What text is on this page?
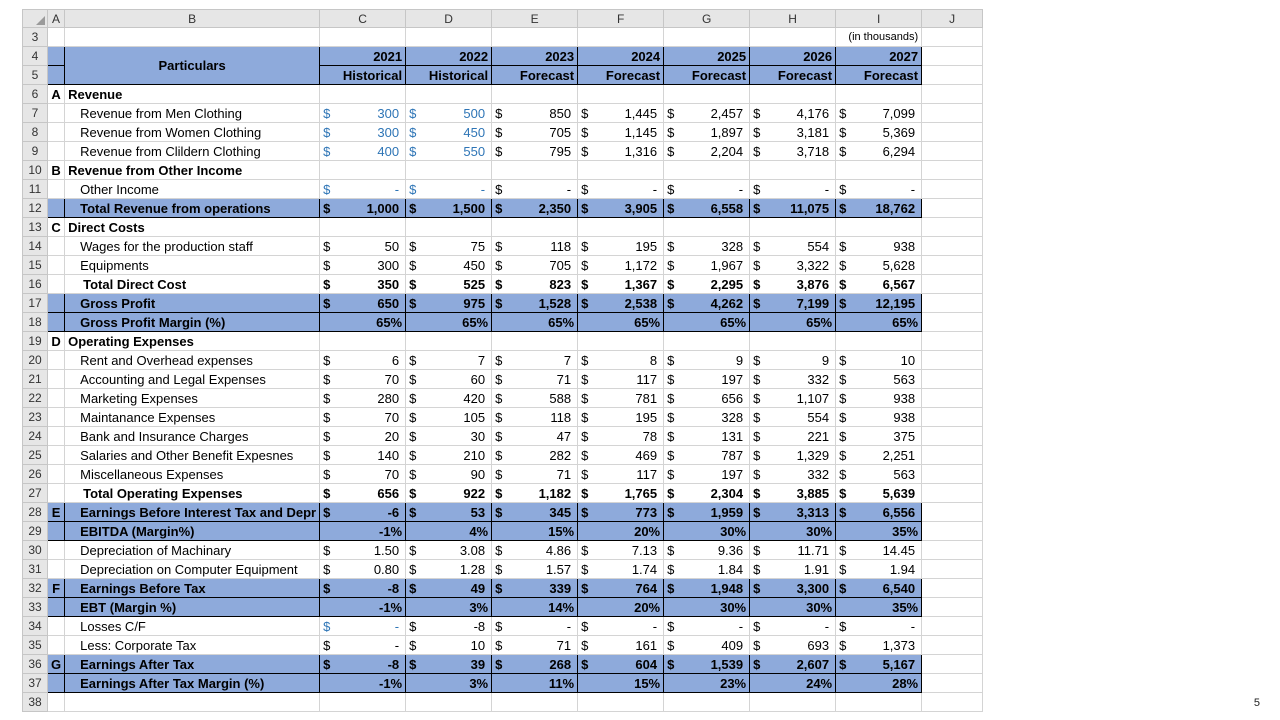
	A	B	C	D	E	F	G	H	I	J
3									(in thousands)	
4		Particulars	2021	2022	2023	2024	2025	2026	2027	
5			Historical	Historical	Forecast	Forecast	Forecast	Forecast	Forecast	
6	A	Revenue								
7		Revenue from Men Clothing	$ 300	$ 500	$ 850	$ 1,445	$ 2,457	$ 4,176	$ 7,099	

8		Revenue from Women Clothing	$ 300	$ 450	$ 705	$ 1,145	$ 1,897	$ 3,181	$ 5,369	

9		Revenue from Clildern Clothing	$ 400	$ 550	$ 795	$ 1,316	$ 2,204	$ 3,718	$ 6,294	

10	B	Revenue from Other Income								
11		Other Income	$ -	$ -	$ -	$ -	$ -	$ -	$ -	

12		Total Revenue from operations	$ 1,000	$ 1,500	$ 2,350	$ 3,905	$ 6,558	$ 11,075	$ 18,762	

13	C	Direct Costs								
14		Wages for the production staff	$ 50	$ 75	$ 118	$ 195	$ 328	$ 554	$ 938	

15		Equipments	$ 300	$ 450	$ 705	$ 1,172	$ 1,967	$ 3,322	$ 5,628	

16		Total Direct Cost	$ 350	$ 525	$ 823	$ 1,367	$ 2,295	$ 3,876	$ 6,567	

17		Gross Profit	$ 650	$ 975	$ 1,528	$ 2,538	$ 4,262	$ 7,199	$ 12,195	

18		Gross Profit Margin (%)	65%	65%	65%	65%	65%	65%	65%	
19	D	Operating Expenses								
20		Rent and Overhead expenses	$ 6	$ 7	$ 7	$ 8	$ 9	$ 9	$ 10	

21		Accounting and Legal Expenses	$ 70	$ 60	$ 71	$ 117	$ 197	$ 332	$ 563	

22		Marketing Expenses	$ 280	$ 420	$ 588	$ 781	$ 656	$ 1,107	$ 938	

23		Maintanance Expenses	$ 70	$ 105	$ 118	$ 195	$ 328	$ 554	$ 938	

24		Bank and Insurance Charges	$ 20	$ 30	$ 47	$ 78	$ 131	$ 221	$ 375	

25		Salaries and Other Benefit Expesnes	$ 140	$ 210	$ 282	$ 469	$ 787	$ 1,329	$ 2,251	

26		Miscellaneous Expenses	$ 70	$ 90	$ 71	$ 117	$ 197	$ 332	$ 563	

27		Total Operating Expenses	$ 656	$ 922	$ 1,182	$ 1,765	$ 2,304	$ 3,885	$ 5,639	

28	E	Earnings Before Interest Tax and Depr	$ -6	$ 53	$ 345	$ 773	$ 1,959	$ 3,313	$ 6,556	

29		EBITDA (Margin%)	-1%	4%	15%	20%	30%	30%	35%	
30		Depreciation of Machinary	$ 1.50	$ 3.08	$ 4.86	$ 7.13	$ 9.36	$ 11.71	$ 14.45	

31		Depreciation on Computer Equipment	$ 0.80	$ 1.28	$ 1.57	$ 1.74	$ 1.84	$ 1.91	$ 1.94	

32	F	Earnings Before Tax	$ -8	$ 49	$ 339	$ 764	$ 1,948	$ 3,300	$ 6,540	

33		EBT (Margin %)	-1%	3%	14%	20%	30%	30%	35%	
34		Losses C/F	$ -	$ -8	$ -	$ -	$ -	$ -	$ -	

35		Less: Corporate Tax	$ -	$ 10	$ 71	$ 161	$ 409	$ 693	$ 1,373	

36	G	Earnings After Tax	$ -8	$ 39	$ 268	$ 604	$ 1,539	$ 2,607	$ 5,167	

37		Earnings After Tax Margin (%)	-1%	3%	11%	15%	23%	24%	28%	
38											5
